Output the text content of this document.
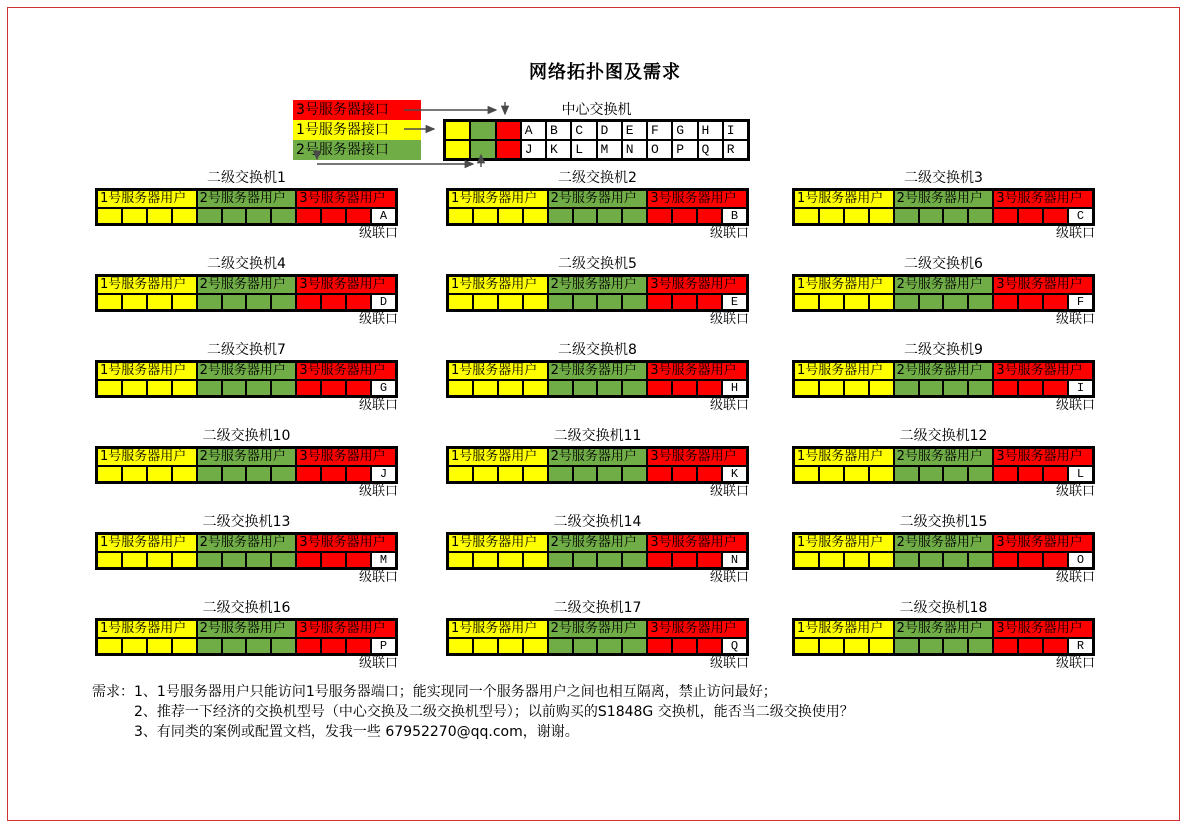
网络拓扑图及需求
3号服务器接口
1号服务器接口
2号服务器接口
中心交换机
A	B	C	D	E	F	G	H	I
J	K	L	M	N	O	P	Q	R
二级交换机1
1号服务器用户	2号服务器用户	3号服务器用户
A
级联口
二级交换机2
1号服务器用户	2号服务器用户	3号服务器用户
B
级联口
二级交换机3
1号服务器用户	2号服务器用户	3号服务器用户
C
级联口
二级交换机4
1号服务器用户	2号服务器用户	3号服务器用户
D
级联口
二级交换机5
1号服务器用户	2号服务器用户	3号服务器用户
E
级联口
二级交换机6
1号服务器用户	2号服务器用户	3号服务器用户
F
级联口
二级交换机7
1号服务器用户	2号服务器用户	3号服务器用户
G
级联口
二级交换机8
1号服务器用户	2号服务器用户	3号服务器用户
H
级联口
二级交换机9
1号服务器用户	2号服务器用户	3号服务器用户
I
级联口
二级交换机10
1号服务器用户	2号服务器用户	3号服务器用户
J
级联口
二级交换机11
1号服务器用户	2号服务器用户	3号服务器用户
K
级联口
二级交换机12
1号服务器用户	2号服务器用户	3号服务器用户
L
级联口
二级交换机13
1号服务器用户	2号服务器用户	3号服务器用户
M
级联口
二级交换机14
1号服务器用户	2号服务器用户	3号服务器用户
N
级联口
二级交换机15
1号服务器用户	2号服务器用户	3号服务器用户
O
级联口
二级交换机16
1号服务器用户	2号服务器用户	3号服务器用户
P
级联口
二级交换机17
1号服务器用户	2号服务器用户	3号服务器用户
Q
级联口
二级交换机18
1号服务器用户	2号服务器用户	3号服务器用户
R
级联口
需求：1、1号服务器用户只能访问1号服务器端口；能实现同一个服务器用户之间也相互隔离，禁止访问最好；
2、推荐一下经济的交换机型号（中心交换及二级交换机型号）；以前购买的S1848G 交换机，能否当二级交换使用？
3、有同类的案例或配置文档，发我一些 67952270@qq.com，谢谢。
